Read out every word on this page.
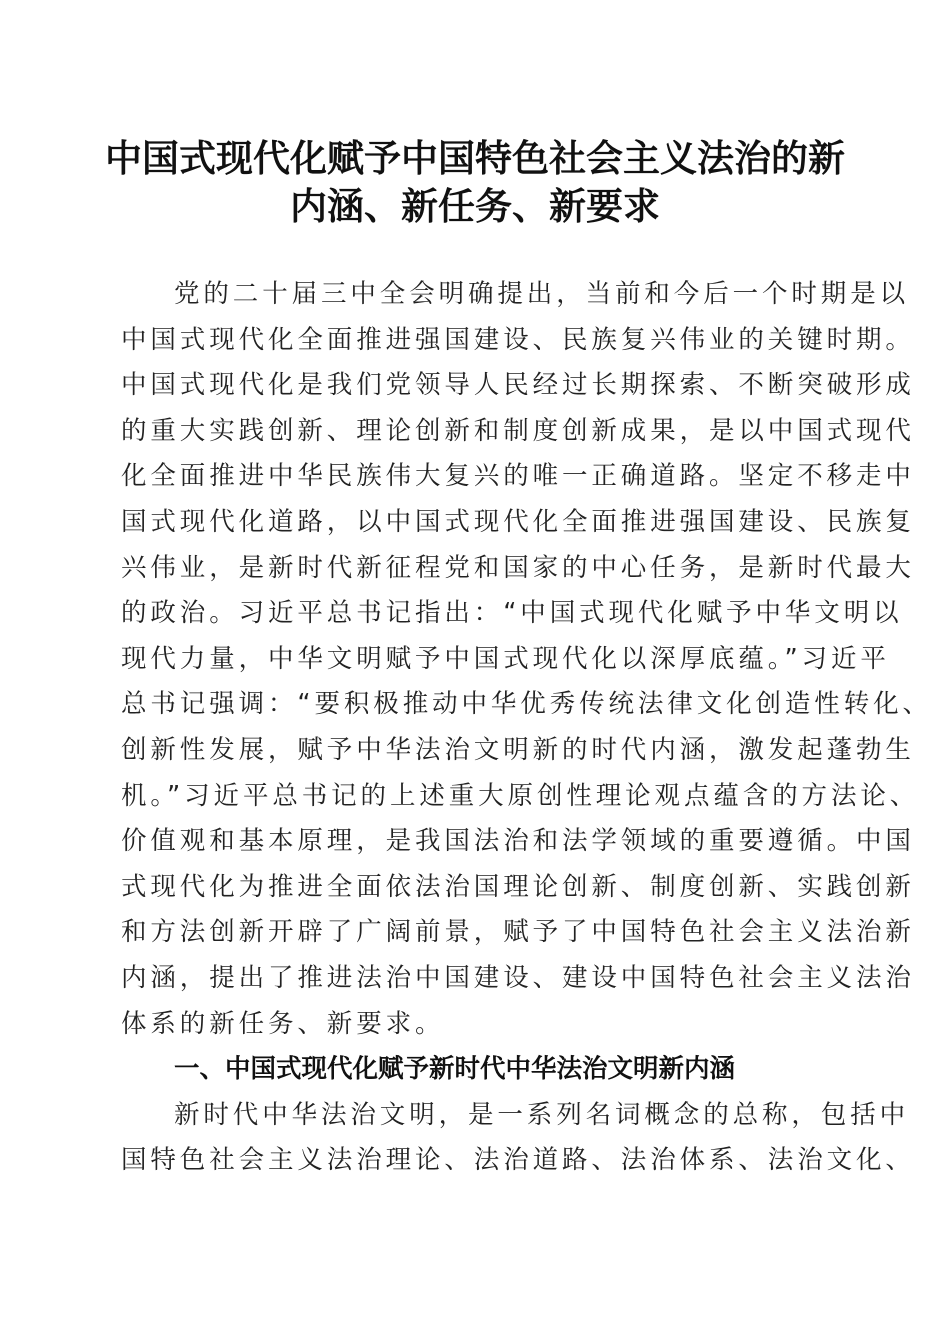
中国式现代化赋予中国特色社会主义法治的新
内涵、新任务、新要求
党的二十届三中全会明确提出，当前和今后一个时期是以
中国式现代化全面推进强国建设、民族复兴伟业的关键时期。
中国式现代化是我们党领导人民经过长期探索、不断突破形成
的重大实践创新、理论创新和制度创新成果，是以中国式现代
化全面推进中华民族伟大复兴的唯一正确道路。坚定不移走中
国式现代化道路，以中国式现代化全面推进强国建设、民族复
兴伟业，是新时代新征程党和国家的中心任务，是新时代最大
的政治。习近平总书记指出：“中国式现代化赋予中华文明以
现代力量，中华文明赋予中国式现代化以深厚底蕴。”习近平
总书记强调：“要积极推动中华优秀传统法律文化创造性转化、
创新性发展，赋予中华法治文明新的时代内涵，激发起蓬勃生
机。”习近平总书记的上述重大原创性理论观点蕴含的方法论、
价值观和基本原理，是我国法治和法学领域的重要遵循。中国
式现代化为推进全面依法治国理论创新、制度创新、实践创新
和方法创新开辟了广阔前景，赋予了中国特色社会主义法治新
内涵，提出了推进法治中国建设、建设中国特色社会主义法治
体系的新任务、新要求。
一、中国式现代化赋予新时代中华法治文明新内涵
新时代中华法治文明，是一系列名词概念的总称，包括中
国特色社会主义法治理论、法治道路、法治体系、法治文化、
